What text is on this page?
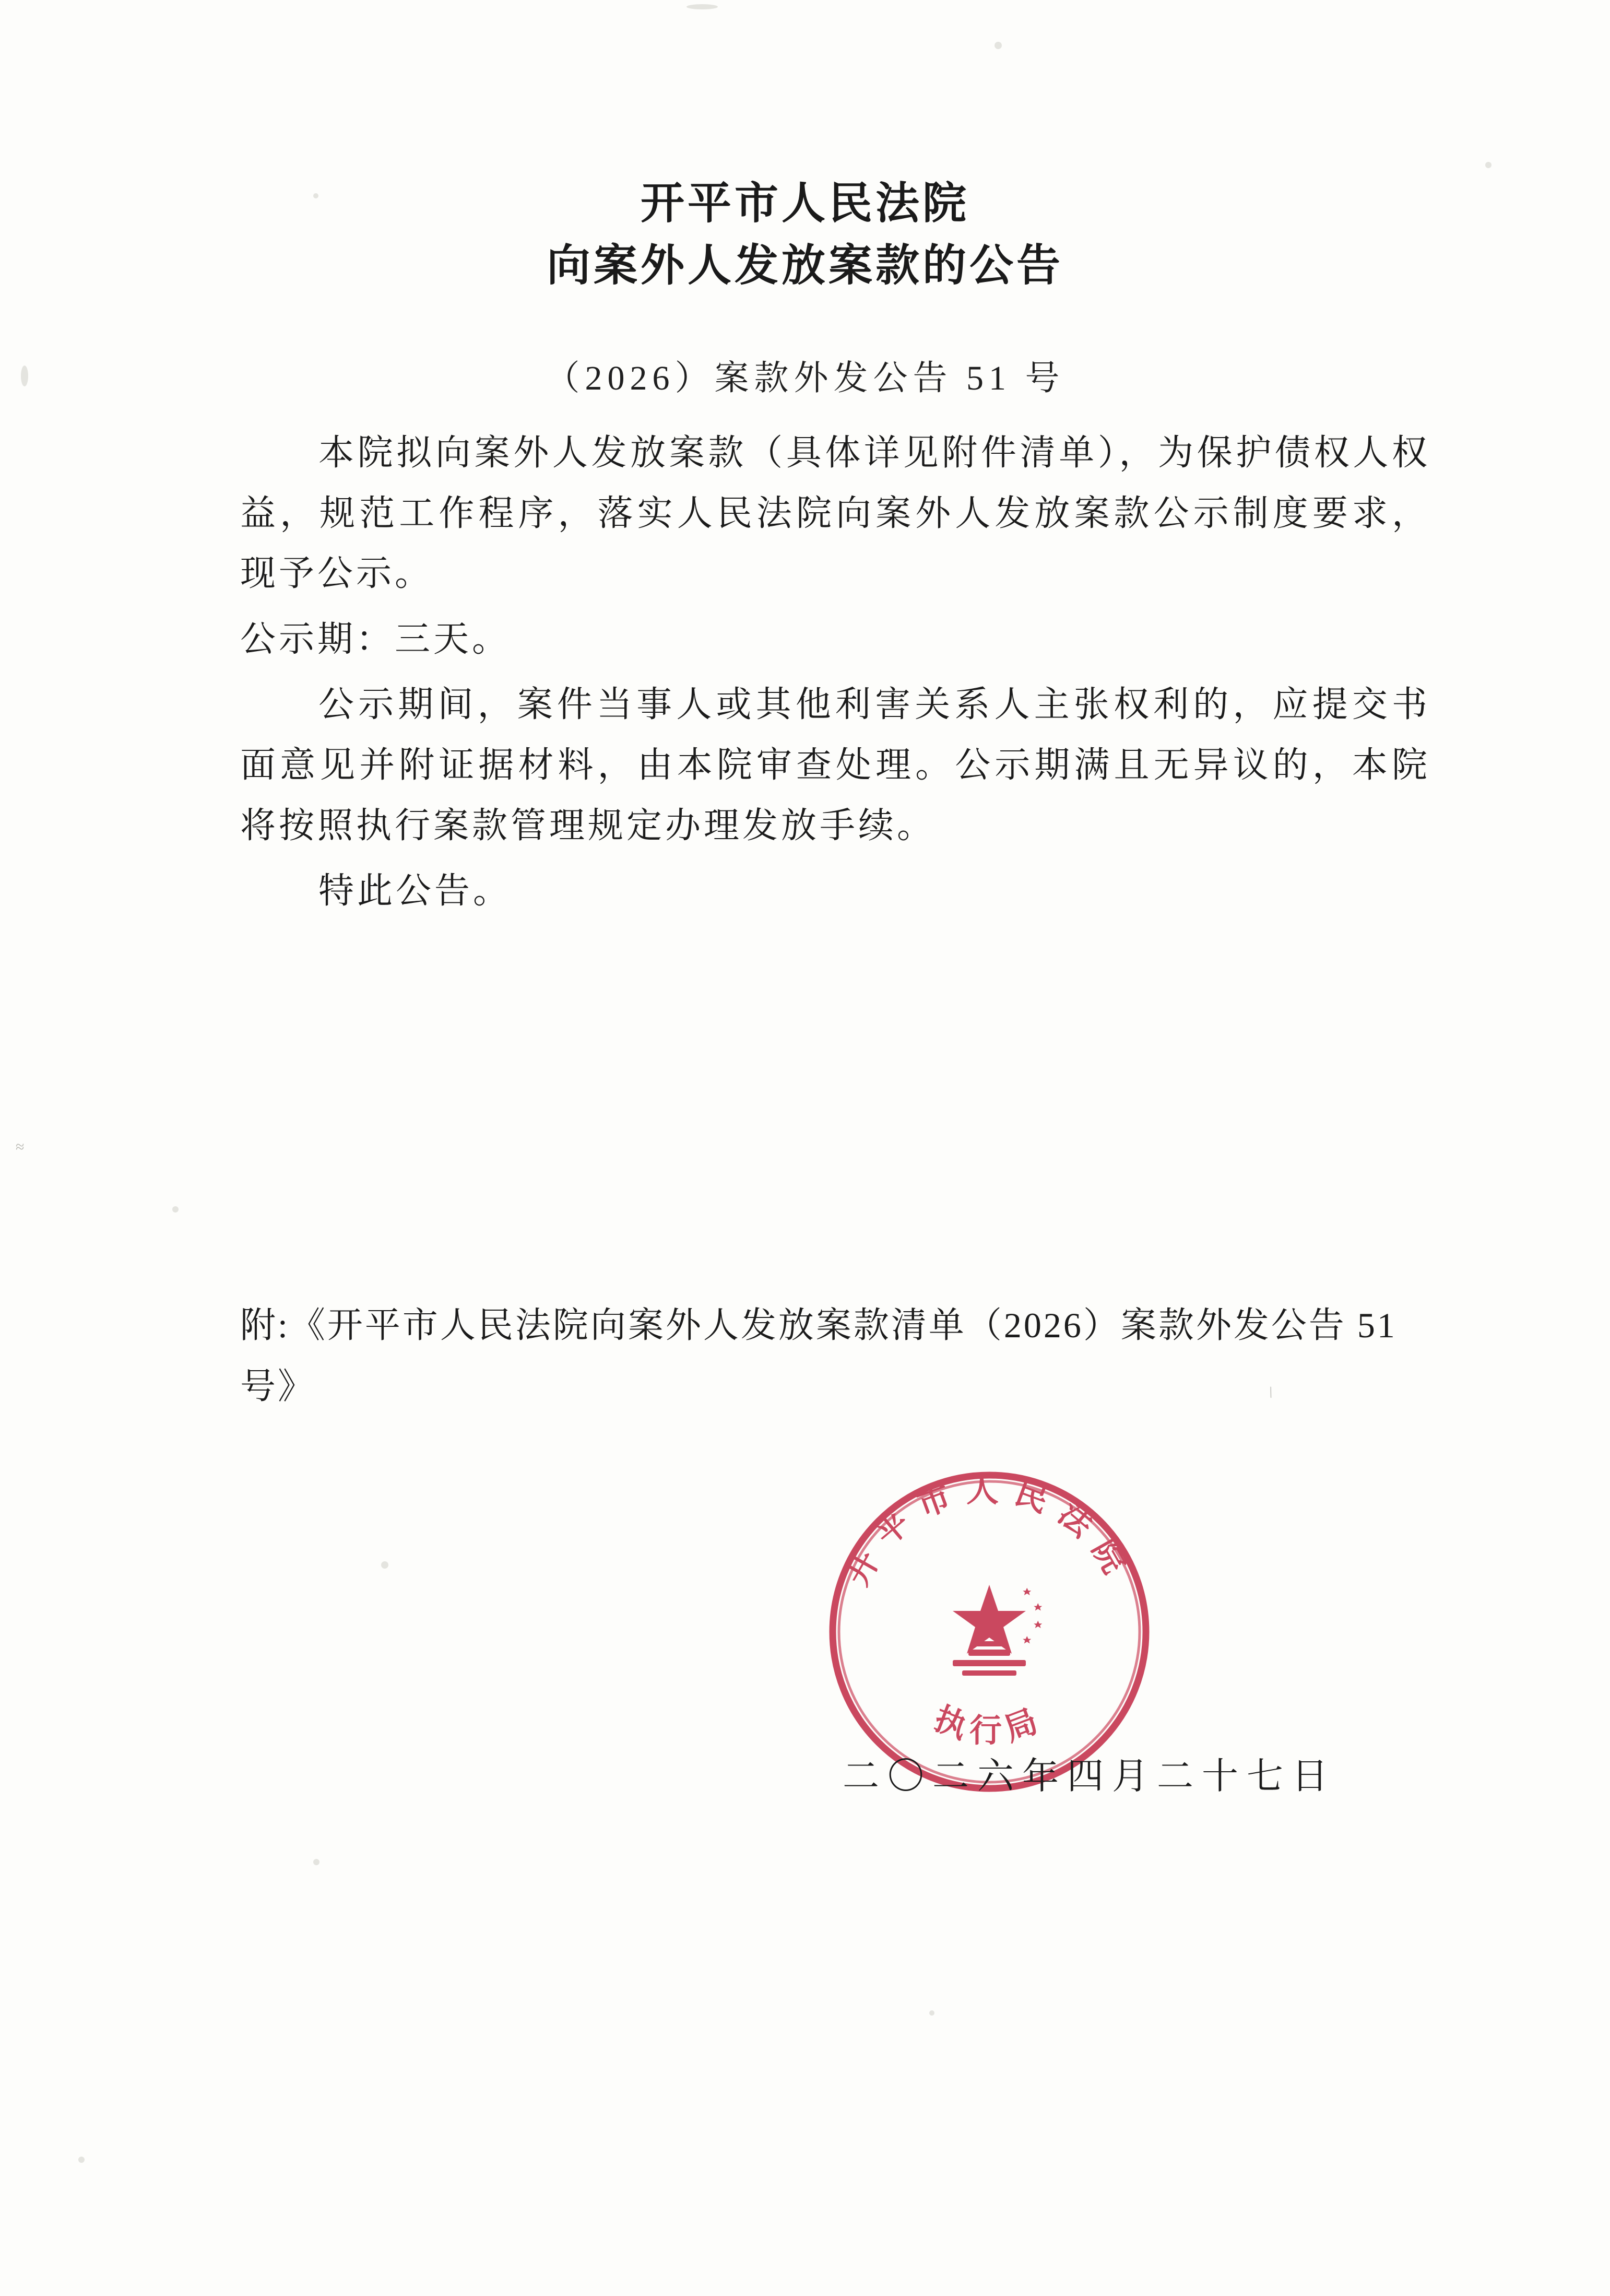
开平市人民法院
向案外人发放案款的公告
（2026）案款外发公告 51 号

本院拟向案外人发放案款（具体详见附件清单），为保护债权人权益，规范工作程序，落实人民法院向案外人发放案款公示制度要求，现予公示。

公示期：三天。

公示期间，案件当事人或其他利害关系人主张权利的，应提交书面意见并附证据材料，由本院审查处理。公示期满且无异议的，本院将按照执行案款管理规定办理发放手续。

特此公告。

附:《开平市人民法院向案外人发放案款清单（2026）案款外发公告 51 号》
开平市人民法院
执行局
二〇二六年四月二十七日
≈
\
